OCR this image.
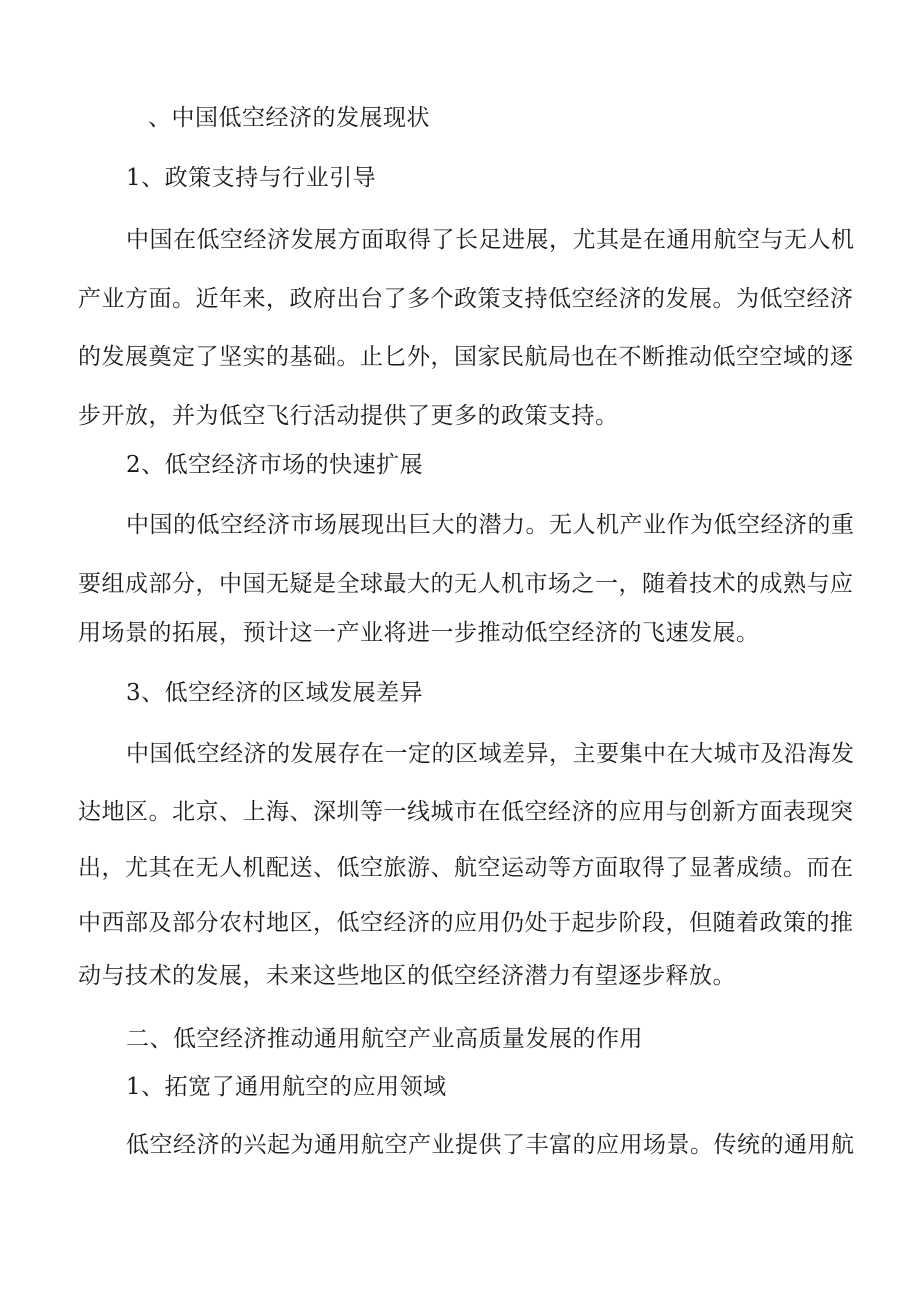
、中国低空经济的发展现状
1、政策支持与行业引导
中国在低空经济发展方面取得了长足进展，尤其是在通用航空与无人机
产业方面。近年来，政府出台了多个政策支持低空经济的发展。为低空经济
的发展奠定了坚实的基础。止匕外，国家民航局也在不断推动低空空域的逐
步开放，并为低空飞行活动提供了更多的政策支持。
2、低空经济市场的快速扩展
中国的低空经济市场展现出巨大的潜力。无人机产业作为低空经济的重
要组成部分，中国无疑是全球最大的无人机市场之一，随着技术的成熟与应
用场景的拓展，预计这一产业将进一步推动低空经济的飞速发展。
3、低空经济的区域发展差异
中国低空经济的发展存在一定的区域差异，主要集中在大城市及沿海发
达地区。北京、上海、深圳等一线城市在低空经济的应用与创新方面表现突
出，尤其在无人机配送、低空旅游、航空运动等方面取得了显著成绩。而在
中西部及部分农村地区，低空经济的应用仍处于起步阶段，但随着政策的推
动与技术的发展，未来这些地区的低空经济潜力有望逐步释放。
二、低空经济推动通用航空产业高质量发展的作用
1、拓宽了通用航空的应用领域
低空经济的兴起为通用航空产业提供了丰富的应用场景。传统的通用航
